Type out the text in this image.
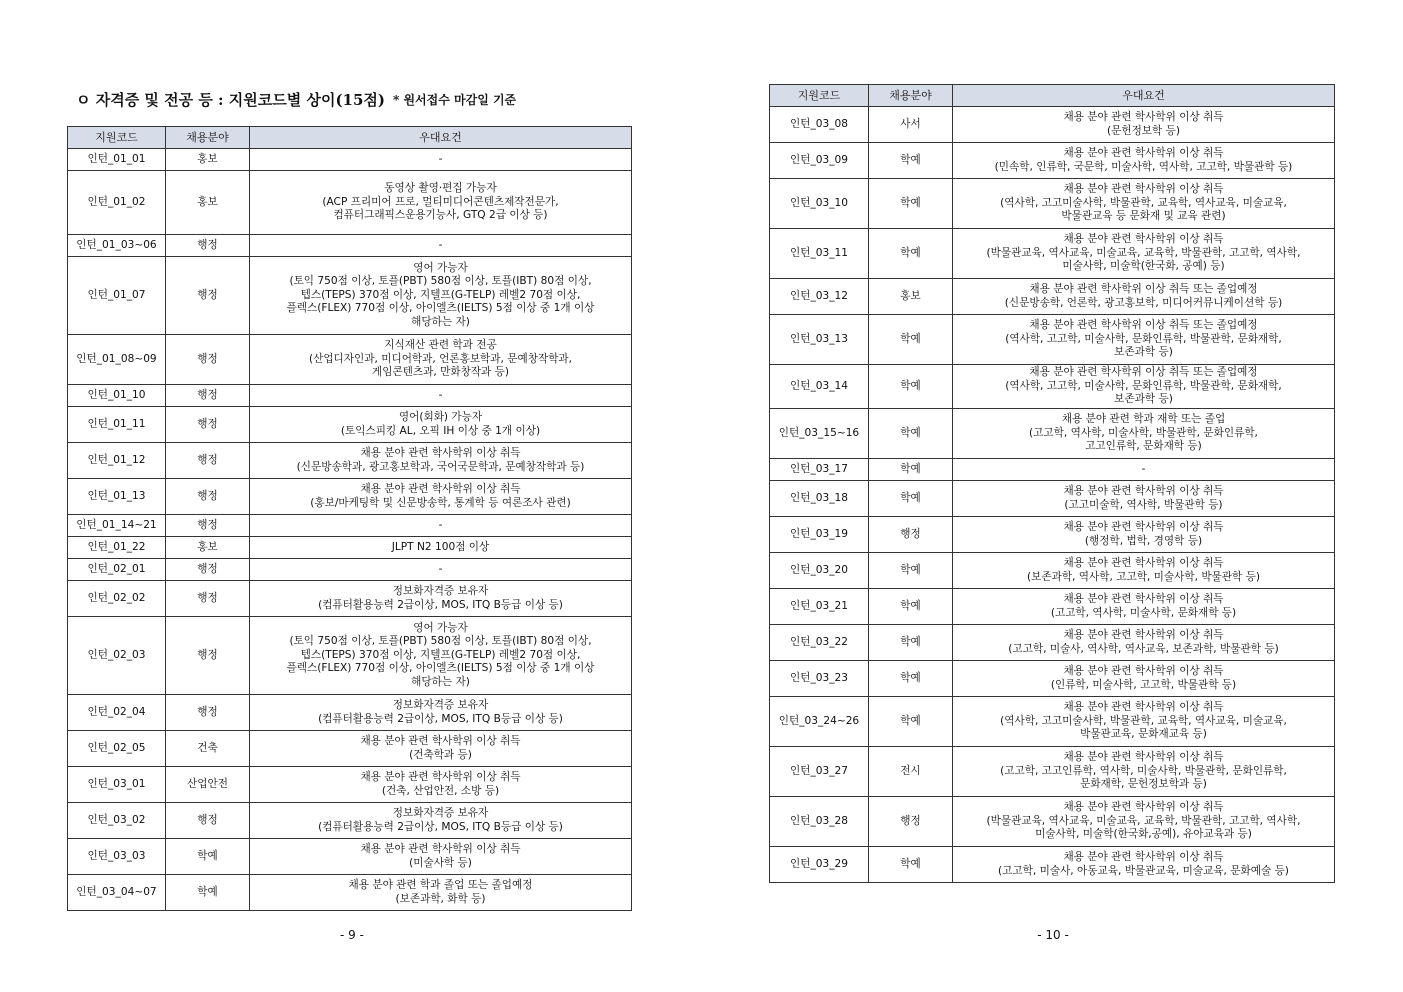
ㅇ 자격증 및 전공 등 : 지원코드별 상이(15점) * 원서접수 마감일 기준
지원코드	채용분야	우대요건
인턴_01_01	홍보	-
인턴_01_02	홍보	동영상 촬영·편집 가능자
(ACP 프리미어 프로, 멀티미디어콘텐츠제작전문가,
컴퓨터그래픽스운용기능사, GTQ 2급 이상 등)
인턴_01_03~06	행정	-
인턴_01_07	행정	영어 가능자
(토익 750점 이상, 토플(PBT) 580점 이상, 토플(IBT) 80점 이상,
텝스(TEPS) 370점 이상, 지텔프(G-TELP) 레벨2 70점 이상,
플렉스(FLEX) 770점 이상, 아이엘츠(IELTS) 5점 이상 중 1개 이상
해당하는 자)
인턴_01_08~09	행정	지식재산 관련 학과 전공
(산업디자인과, 미디어학과, 언론홍보학과, 문예창작학과,
게임콘텐츠과, 만화창작과 등)
인턴_01_10	행정	-
인턴_01_11	행정	영어(회화) 가능자
(토익스피킹 AL, 오픽 IH 이상 중 1개 이상)
인턴_01_12	행정	채용 분야 관련 학사학위 이상 취득
(신문방송학과, 광고홍보학과, 국어국문학과, 문예창작학과 등)
인턴_01_13	행정	채용 분야 관련 학사학위 이상 취득
(홍보/마케팅학 및 신문방송학, 통계학 등 여론조사 관련)
인턴_01_14~21	행정	-
인턴_01_22	홍보	JLPT N2 100점 이상
인턴_02_01	행정	-
인턴_02_02	행정	정보화자격증 보유자
(컴퓨터활용능력 2급이상, MOS, ITQ B등급 이상 등)
인턴_02_03	행정	영어 가능자
(토익 750점 이상, 토플(PBT) 580점 이상, 토플(IBT) 80점 이상,
텝스(TEPS) 370점 이상, 지텔프(G-TELP) 레벨2 70점 이상,
플렉스(FLEX) 770점 이상, 아이엘츠(IELTS) 5점 이상 중 1개 이상
해당하는 자)
인턴_02_04	행정	정보화자격증 보유자
(컴퓨터활용능력 2급이상, MOS, ITQ B등급 이상 등)
인턴_02_05	건축	채용 분야 관련 학사학위 이상 취득
(건축학과 등)
인턴_03_01	산업안전	채용 분야 관련 학사학위 이상 취득
(건축, 산업안전, 소방 등)
인턴_03_02	행정	정보화자격증 보유자
(컴퓨터활용능력 2급이상, MOS, ITQ B등급 이상 등)
인턴_03_03	학예	채용 분야 관련 학사학위 이상 취득
(미술사학 등)
인턴_03_04~07	학예	채용 분야 관련 학과 졸업 또는 졸업예정
(보존과학, 화학 등)
- 9 -
지원코드	채용분야	우대요건
인턴_03_08	사서	채용 분야 관련 학사학위 이상 취득
(문헌정보학 등)
인턴_03_09	학예	채용 분야 관련 학사학위 이상 취득
(민속학, 인류학, 국문학, 미술사학, 역사학, 고고학, 박물관학 등)
인턴_03_10	학예	채용 분야 관련 학사학위 이상 취득
(역사학, 고고미술사학, 박물관학, 교육학, 역사교육, 미술교육,
박물관교육 등 문화재 및 교육 관련)
인턴_03_11	학예	채용 분야 관련 학사학위 이상 취득
(박물관교육, 역사교육, 미술교육, 교육학, 박물관학, 고고학, 역사학,
미술사학, 미술학(한국화, 공예) 등)
인턴_03_12	홍보	채용 분야 관련 학사학위 이상 취득 또는 졸업예정
(신문방송학, 언론학, 광고홍보학, 미디어커뮤니케이션학 등)
인턴_03_13	학예	채용 분야 관련 학사학위 이상 취득 또는 졸업예정
(역사학, 고고학, 미술사학, 문화인류학, 박물관학, 문화재학,
보존과학 등)
인턴_03_14	학예	채용 분야 관련 학사학위 이상 취득 또는 졸업예정
(역사학, 고고학, 미술사학, 문화인류학, 박물관학, 문화재학,
보존과학 등)
인턴_03_15~16	학예	채용 분야 관련 학과 재학 또는 졸업
(고고학, 역사학, 미술사학, 박물관학, 문화인류학,
고고인류학, 문화재학 등)
인턴_03_17	학예	-
인턴_03_18	학예	채용 분야 관련 학사학위 이상 취득
(고고미술학, 역사학, 박물관학 등)
인턴_03_19	행정	채용 분야 관련 학사학위 이상 취득
(행정학, 법학, 경영학 등)
인턴_03_20	학예	채용 분야 관련 학사학위 이상 취득
(보존과학, 역사학, 고고학, 미술사학, 박물관학 등)
인턴_03_21	학예	채용 분야 관련 학사학위 이상 취득
(고고학, 역사학, 미술사학, 문화재학 등)
인턴_03_22	학예	채용 분야 관련 학사학위 이상 취득
(고고학, 미술사, 역사학, 역사교육, 보존과학, 박물관학 등)
인턴_03_23	학예	채용 분야 관련 학사학위 이상 취득
(인류학, 미술사학, 고고학, 박물관학 등)
인턴_03_24~26	학예	채용 분야 관련 학사학위 이상 취득
(역사학, 고고미술사학, 박물관학, 교육학, 역사교육, 미술교육,
박물관교육, 문화재교육 등)
인턴_03_27	전시	채용 분야 관련 학사학위 이상 취득
(고고학, 고고인류학, 역사학, 미술사학, 박물관학, 문화인류학,
문화재학, 문헌정보학과 등)
인턴_03_28	행정	채용 분야 관련 학사학위 이상 취득
(박물관교육, 역사교육, 미술교육, 교육학, 박물관학, 고고학, 역사학,
미술사학, 미술학(한국화,공예), 유아교육과 등)
인턴_03_29	학예	채용 분야 관련 학사학위 이상 취득
(고고학, 미술사, 아동교육, 박물관교육, 미술교육, 문화예술 등)
- 10 -
